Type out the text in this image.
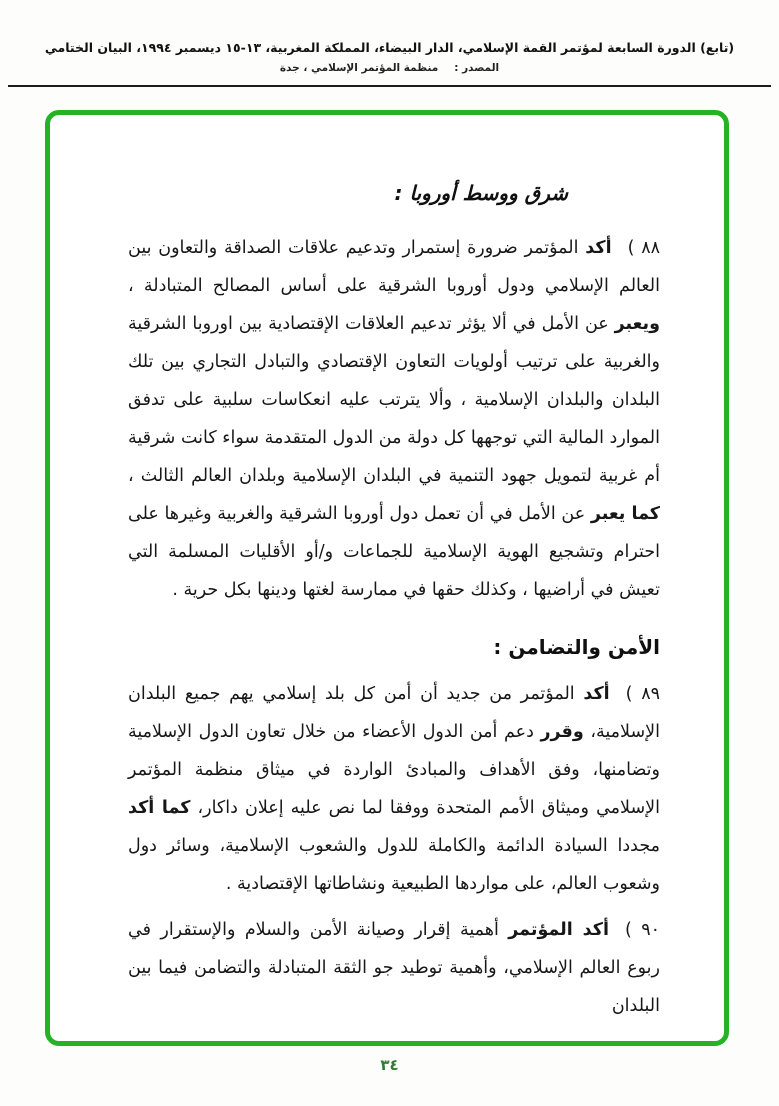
(تابع) الدورة السابعة لمؤتمر القمة الإسلامي، الدار البيضاء، المملكة المغربية، ١٣-١٥ ديسمبر ١٩٩٤، البيان الختامي
المصدر :منظمة المؤتمر الإسلامي ، جدة
شرق ووسط أوروبا :

٨٨ )أكد المؤتمر ضرورة إستمرار وتدعيم علاقات الصداقة والتعاون بين العالم الإسلامي ودول أوروبا الشرقية على أساس المصالح المتبادلة ، ويعبر عن الأمل في ألا يؤثر تدعيم العلاقات الإقتصادية بين اوروبا الشرقية والغربية على ترتيب أولويات التعاون الإقتصادي والتبادل التجاري بين تلك البلدان والبلدان الإسلامية ، وألا يترتب عليه انعكاسات سلبية على تدفق الموارد المالية التي توجهها كل دولة من الدول المتقدمة سواء كانت شرقية أم غربية لتمويل جهود التنمية في البلدان الإسلامية وبلدان العالم الثالث ، كما يعبر عن الأمل في أن تعمل دول أوروبا الشرقية والغربية وغيرها على احترام وتشجيع الهوية الإسلامية للجماعات و/أو الأقليات المسلمة التي تعيش في أراضيها ، وكذلك حقها في ممارسة لغتها ودينها بكل حرية .

الأمن والتضامن :

٨٩ )أكد المؤتمر من جديد أن أمن كل بلد إسلامي يهم جميع البلدان الإسلامية، وقرر دعم أمن الدول الأعضاء من خلال تعاون الدول الإسلامية وتضامنها، وفق الأهداف والمبادئ الواردة في ميثاق منظمة المؤتمر الإسلامي وميثاق الأمم المتحدة ووفقا لما نص عليه إعلان داكار، كما أكد مجددا السيادة الدائمة والكاملة للدول والشعوب الإسلامية، وسائر دول وشعوب العالم، على مواردها الطبيعية ونشاطاتها الإقتصادية .

٩٠ )أكد المؤتمر أهمية إقرار وصيانة الأمن والسلام والإستقرار في ربوع العالم الإسلامي، وأهمية توطيد جو الثقة المتبادلة والتضامن فيما بين البلدان

٣٤
